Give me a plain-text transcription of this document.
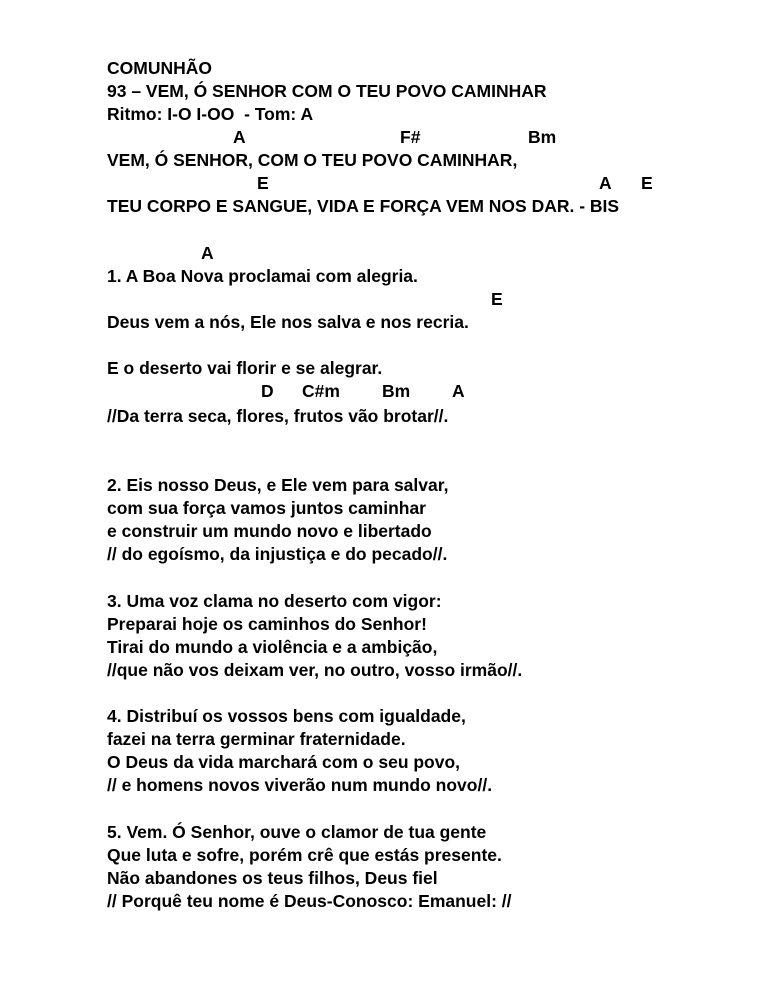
COMUNHÃO

93 – VEM, Ó SENHOR COM O TEU POVO CAMINHAR

Ritmo: I-O I-OO  - Tom: A

A	F#	Bm

VEM, Ó SENHOR, COM O TEU POVO CAMINHAR,

E	A E

TEU CORPO E SANGUE, VIDA E FORÇA VEM NOS DAR. - BIS

A

1. A Boa Nova proclamai com alegria.

E

Deus vem a nós, Ele nos salva e nos recria.

E o deserto vai florir e se alegrar.

D C#m Bm A

//Da terra seca, flores, frutos vão brotar//.

2. Eis nosso Deus, e Ele vem para salvar,

com sua força vamos juntos caminhar

e construir um mundo novo e libertado

// do egoísmo, da injustiça e do pecado//.

3. Uma voz clama no deserto com vigor:

Preparai hoje os caminhos do Senhor!

Tirai do mundo a violência e a ambição,

//que não vos deixam ver, no outro, vosso irmão//.

4. Distribuí os vossos bens com igualdade,

fazei na terra germinar fraternidade.

O Deus da vida marchará com o seu povo,

// e homens novos viverão num mundo novo//.

5. Vem. Ó Senhor, ouve o clamor de tua gente

Que luta e sofre, porém crê que estás presente.

Não abandones os teus filhos, Deus fiel

// Porquê teu nome é Deus-Conosco: Emanuel: //
